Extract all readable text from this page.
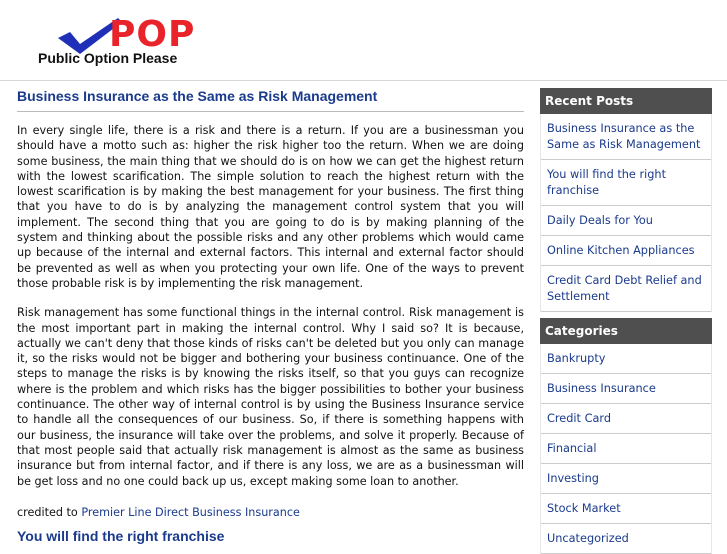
POP
Public Option Please
Business Insurance as the Same as Risk Management

In every single life, there is a risk and there is a return. If you are a businessman you should have a motto such as: higher the risk higher too the return. When we are doing some business, the main thing that we should do is on how we can get the highest return with the lowest scarification. The simple solution to reach the highest return with the lowest scarification is by making the best management for your business. The first thing that you have to do is by analyzing the management control system that you will implement. The second thing that you are going to do is by making planning of the system and thinking about the possible risks and any other problems which would came up because of the internal and external factors. This internal and external factor should be prevented as well as when you protecting your own life. One of the ways to prevent those probable risk is by implementing the risk management.

Risk management has some functional things in the internal control. Risk management is the most important part in making the internal control. Why I said so? It is because, actually we can't deny that those kinds of risks can't be deleted but you only can manage it, so the risks would not be bigger and bothering your business continuance. One of the steps to manage the risks is by knowing the risks itself, so that you guys can recognize where is the problem and which risks has the bigger possibilities to bother your business continuance. The other way of internal control is by using the Business Insurance service to handle all the consequences of our business. So, if there is something happens with our business, the insurance will take over the problems, and solve it properly. Because of that most people said that actually risk management is almost as the same as business insurance but from internal factor, and if there is any loss, we are as a businessman will be get loss and no one could back up us, except making some loan to another.

credited to Premier Line Direct Business Insurance
You will find the right franchise
Recent Posts
Business Insurance as the Same as Risk Management
You will find the right franchise
Daily Deals for You
Online Kitchen Appliances
Credit Card Debt Relief and Settlement
Categories
Bankrupty
Business Insurance
Credit Card
Financial
Investing
Stock Market
Uncategorized
